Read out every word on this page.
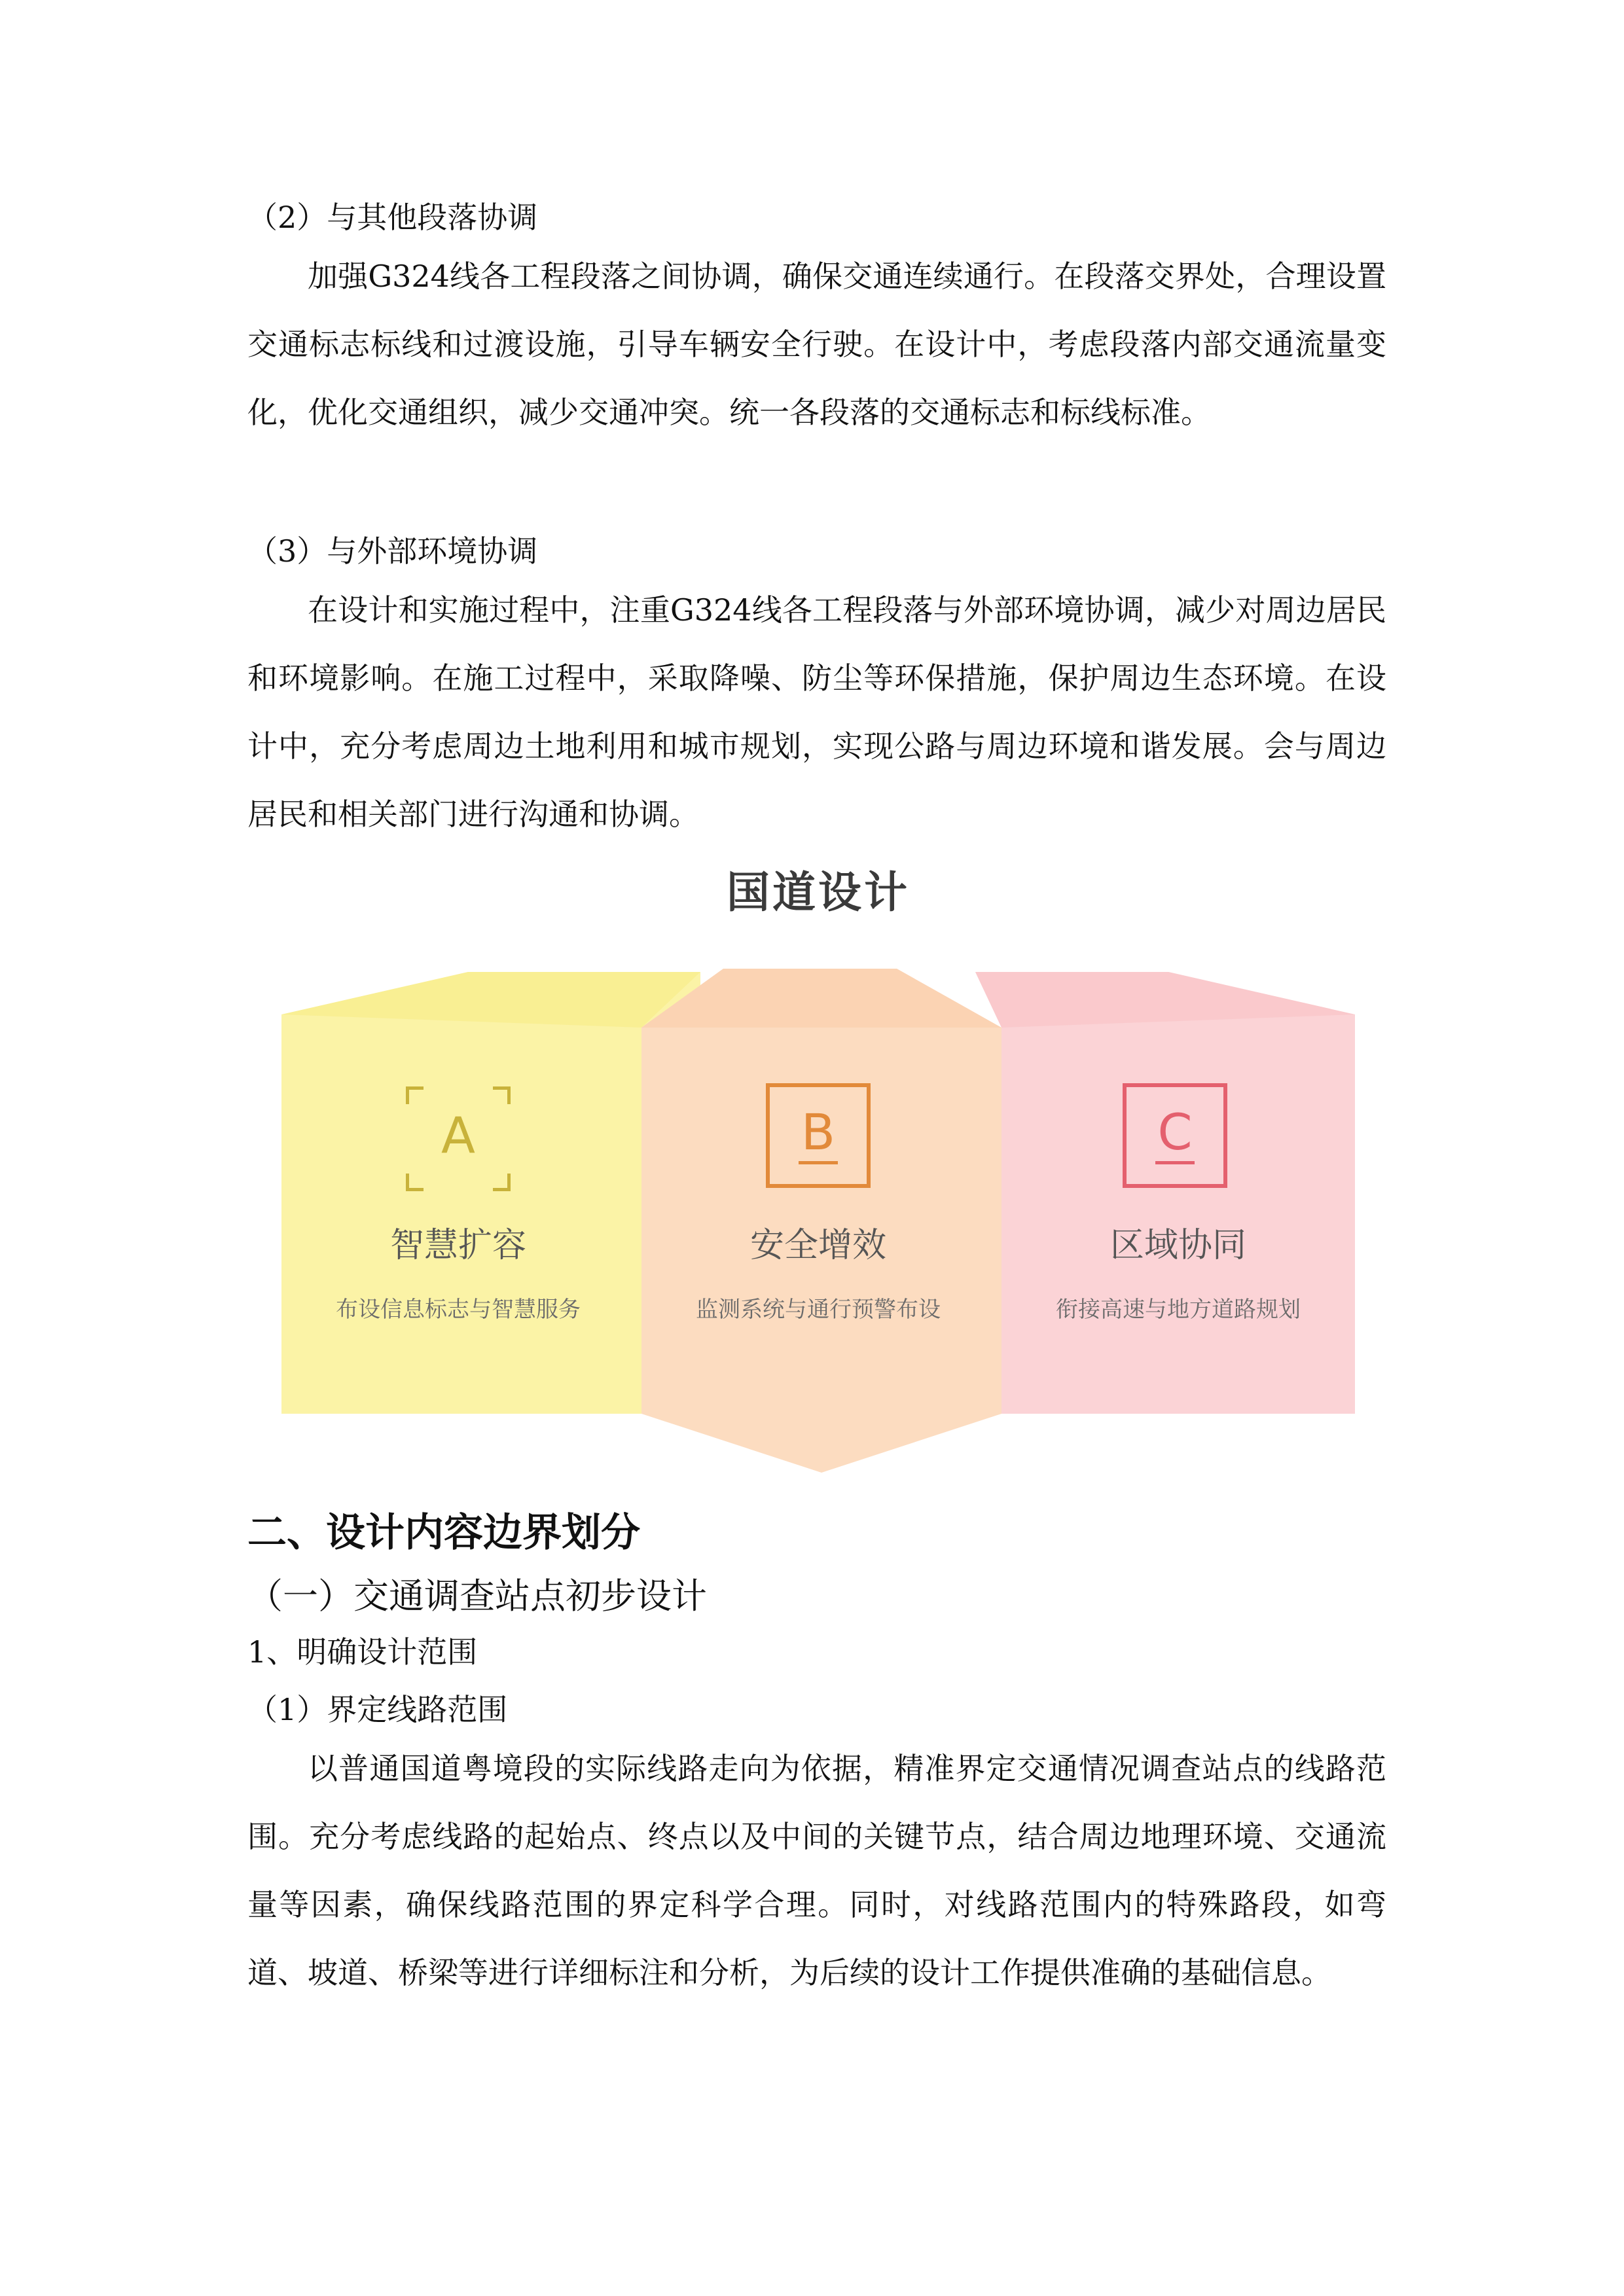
（2）与其他段落协调

加强G324线各工程段落之间协调，确保交通连续通行。在段落交界处，合理设置交通标志标线和过渡设施，引导车辆安全行驶。在设计中，考虑段落内部交通流量变化，优化交通组织，减少交通冲突。统一各段落的交通标志和标线标准。

（3）与外部环境协调

在设计和实施过程中，注重G324线各工程段落与外部环境协调，减少对周边居民和环境影响。在施工过程中，采取降噪、防尘等环保措施，保护周边生态环境。在设计中，充分考虑周边土地利用和城市规划，实现公路与周边环境和谐发展。会与周边居民和相关部门进行沟通和协调。

国道设计
A	B	C
智慧扩容
布设信息标志与智慧服务
安全增效
监测系统与通行预警布设
区域协同
衔接高速与地方道路规划

二、设计内容边界划分

（一）交通调查站点初步设计

1、明确设计范围

（1）界定线路范围

以普通国道粤境段的实际线路走向为依据，精准界定交通情况调查站点的线路范围。充分考虑线路的起始点、终点以及中间的关键节点，结合周边地理环境、交通流量等因素，确保线路范围的界定科学合理。同时，对线路范围内的特殊路段，如弯道、坡道、桥梁等进行详细标注和分析，为后续的设计工作提供准确的基础信息。
